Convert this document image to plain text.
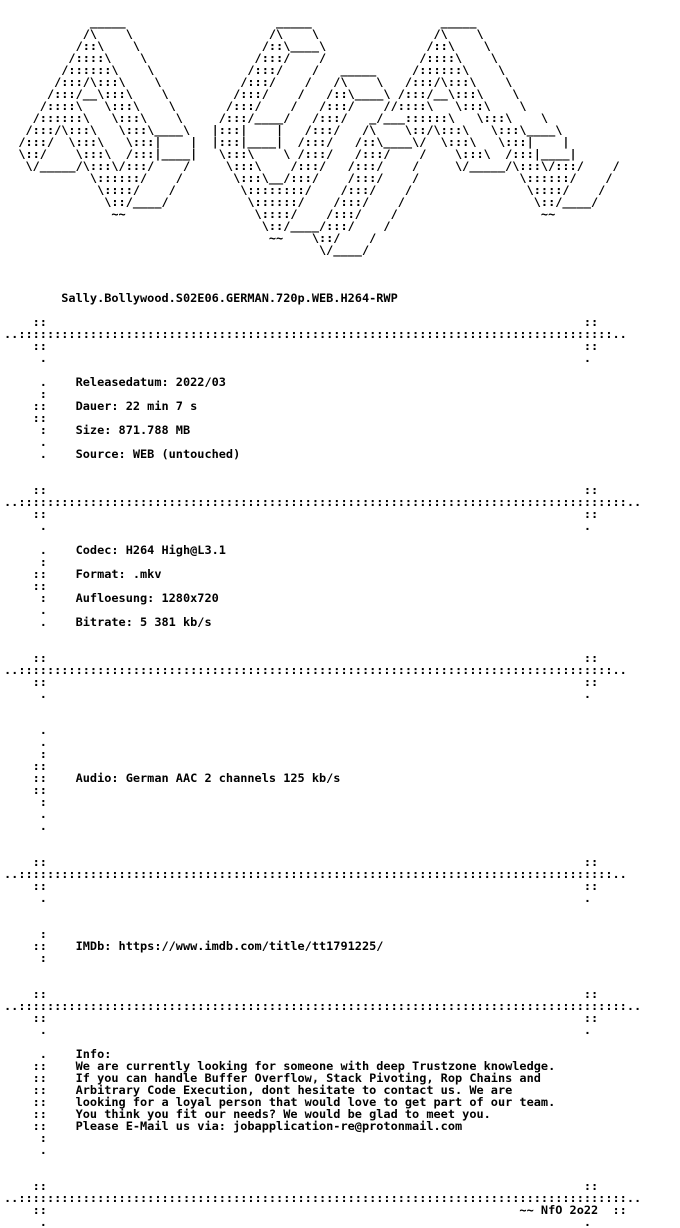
_____                     _____                  _____
/\    \                   /\    \                /\    \
/::\    \                 /::\____\              /::\    \
/::::\    \               /:::/    /             /::::\    \
/::::::\    \             /:::/    /   _____     /::::::\    \
/:::/\:::\    \           /:::/    /   /\    \   /:::/\:::\    \
/:::/__\:::\    \         /:::/    /   /::\____\ /:::/__\:::\    \
/::::\   \:::\    \       /:::/    /   /:::/    //::::\   \:::\    \
/::::::\   \:::\    \     /:::/____/   /:::/   _/___::::::\   \:::\    \
/:::/\:::\   \:::\____\   |:::|    |   /:::/   /\    \::/\:::\   \:::\____\
/:::/  \:::\   \:::|    |  |:::|____|  /:::/   /::\____\/  \:::\   \:::|    |
\::/    \:::\  /:::|____|   \:::\    \ /:::/   /:::/    /    \:::\  /:::|____|
\/_____/\:::\/:::/    /     \:::\    /:::/   /:::/    /     \/_____/\:::\/:::/    /
\::::::/    /       \:::\__/:::/    /:::/    /              \::::::/    /
\::::/    /         \::::::::/    /:::/    /                \::::/    /
\::/____/           \::::::/    /:::/    /                  \::/____/
~~                  \::::/    /:::/    /                    ~~
\::/____/:::/    /
~~    \::/    /
\/____/

Sally.Bollywood.S02E06.GERMAN.720p.WEB.H264-RWP

::                                                                           ::
..:::::::::::::::::::::::::::::::::::::::::::::::::::::::::::::::::::::::::::::::::::..
::                                                                           ::
.                                                                           .

.    Releasedatum: 2022/03
:
::    Dauer: 22 min 7 s
::
:    Size: 871.788 MB
.
.    Source: WEB (untouched)

::                                                                           ::
..:::::::::::::::::::::::::::::::::::::::::::::::::::::::::::::::::::::::::::::::::::::..
::                                                                           ::
.                                                                           .

.    Codec: H264 High@L3.1
:
::    Format: .mkv
::
:    Aufloesung: 1280x720
.
.    Bitrate: 5 381 kb/s

::                                                                           ::
..:::::::::::::::::::::::::::::::::::::::::::::::::::::::::::::::::::::::::::::::::::..
::                                                                           ::
.                                                                           .

.
.
:
::
::    Audio: German AAC 2 channels 125 kb/s
::
:
.
.

::                                                                           ::
..:::::::::::::::::::::::::::::::::::::::::::::::::::::::::::::::::::::::::::::::::::..
::                                                                           ::
.                                                                           .

:
::    IMDb: https://www.imdb.com/title/tt1791225/
:

::                                                                           ::
..:::::::::::::::::::::::::::::::::::::::::::::::::::::::::::::::::::::::::::::::::::::..
::                                                                           ::
.                                                                           .

.    Info:
::    We are currently looking for someone with deep Trustzone knowledge.
::    If you can handle Buffer Overflow, Stack Pivoting, Rop Chains and
::    Arbitrary Code Execution, dont hesitate to contact us. We are
::    looking for a loyal person that would love to get part of our team.
::    You think you fit our needs? We would be glad to meet you.
::    Please E-Mail us via: jobapplication-re@protonmail.com
:
.

::                                                                           ::
..:::::::::::::::::::::::::::::::::::::::::::::::::::::::::::::::::::::::::::::::::::::..
::                                                                  ~~ NfO 2o22  ::
.                                                                           .
